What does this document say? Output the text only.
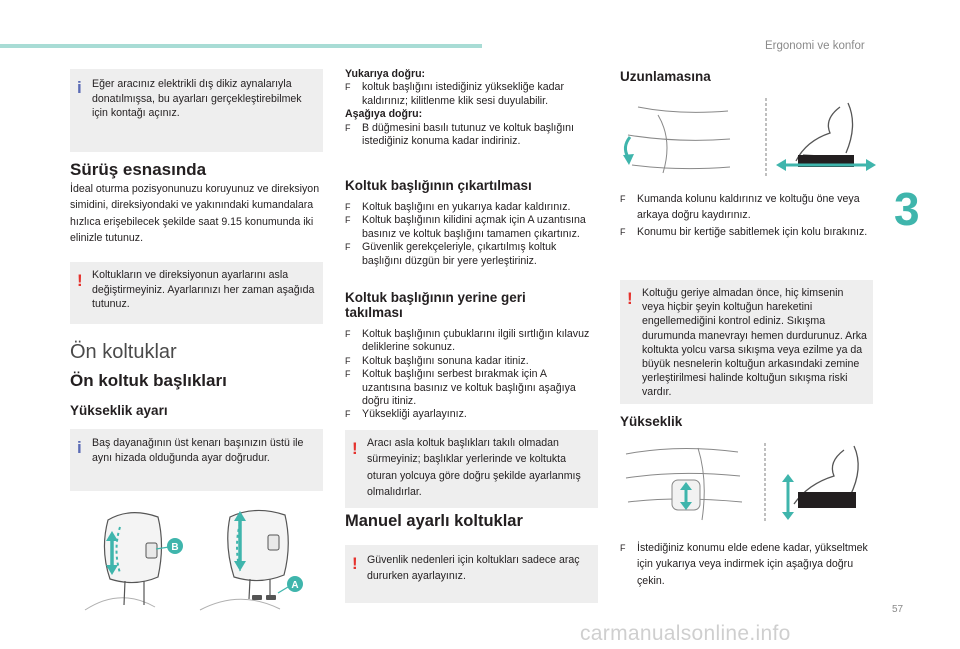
Ergonomi ve konfor
3
i Eğer aracınız elektrikli dış dikiz aynalarıyla donatılmışsa, bu ayarları gerçekleştirebilmek için kontağı açınız.
Sürüş esnasında
İdeal oturma pozisyonunuzu koruyunuz ve direksiyon simidini, direksiyondaki ve yakınındaki kumandalara hızlıca erişebilecek şekilde saat 9.15 konumunda iki elinizle tutunuz.
! Koltukların ve direksiyonun ayarlarını asla değiştirmeyiniz. Ayarlarınızı her zaman aşağıda tutunuz.
Ön koltuklar
Ön koltuk başlıkları
Yükseklik ayarı
i Baş dayanağının üst kenarı başınızın üstü ile aynı hizada olduğunda ayar doğrudur.
B
A
Yukarıya doğru:
F koltuk başlığını istediğiniz yüksekliğe kadar kaldırınız; kilitlenme klik sesi duyulabilir.
Aşağıya doğru:
F B düğmesini basılı tutunuz ve koltuk başlığını istediğiniz konuma kadar indiriniz.
Koltuk başlığının çıkartılması
F Koltuk başlığını en yukarıya kadar kaldırınız.
F Koltuk başlığının kilidini açmak için A uzantısına basınız ve koltuk başlığını tamamen çıkartınız.
F Güvenlik gerekçeleriyle, çıkartılmış koltuk başlığını düzgün bir yere yerleştiriniz.
Koltuk başlığının yerine geri takılması
F Koltuk başlığının çubuklarını ilgili sırtlığın kılavuz deliklerine sokunuz.
F Koltuk başlığını sonuna kadar itiniz.
F Koltuk başlığını serbest bırakmak için A uzantısına basınız ve koltuk başlığını aşağıya doğru itiniz.
F Yüksekliği ayarlayınız.
! Aracı asla koltuk başlıkları takılı olmadan sürmeyiniz; başlıklar yerlerinde ve koltukta oturan yolcuya göre doğru şekilde ayarlanmış olmalıdırlar.
Manuel ayarlı koltuklar
! Güvenlik nedenleri için koltukları sadece araç dururken ayarlayınız.
Uzunlamasına
F Kumanda kolunu kaldırınız ve koltuğu öne veya arkaya doğru kaydırınız.
F Konumu bir kertiğe sabitlemek için kolu bırakınız.
! Koltuğu geriye almadan önce, hiç kimsenin veya hiçbir şeyin koltuğun hareketini engellemediğini kontrol ediniz. Sıkışma durumunda manevrayı hemen durdurunuz. Arka koltukta yolcu varsa sıkışma veya ezilme ya da büyük nesnelerin koltuğun arkasındaki zemine yerleştirilmesi halinde koltuğun sıkışma riski vardır.
Yükseklik
F İstediğiniz konumu elde edene kadar, yükseltmek için yukarıya veya indirmek için aşağıya doğru çekin.
57
carmanualsonline.info
